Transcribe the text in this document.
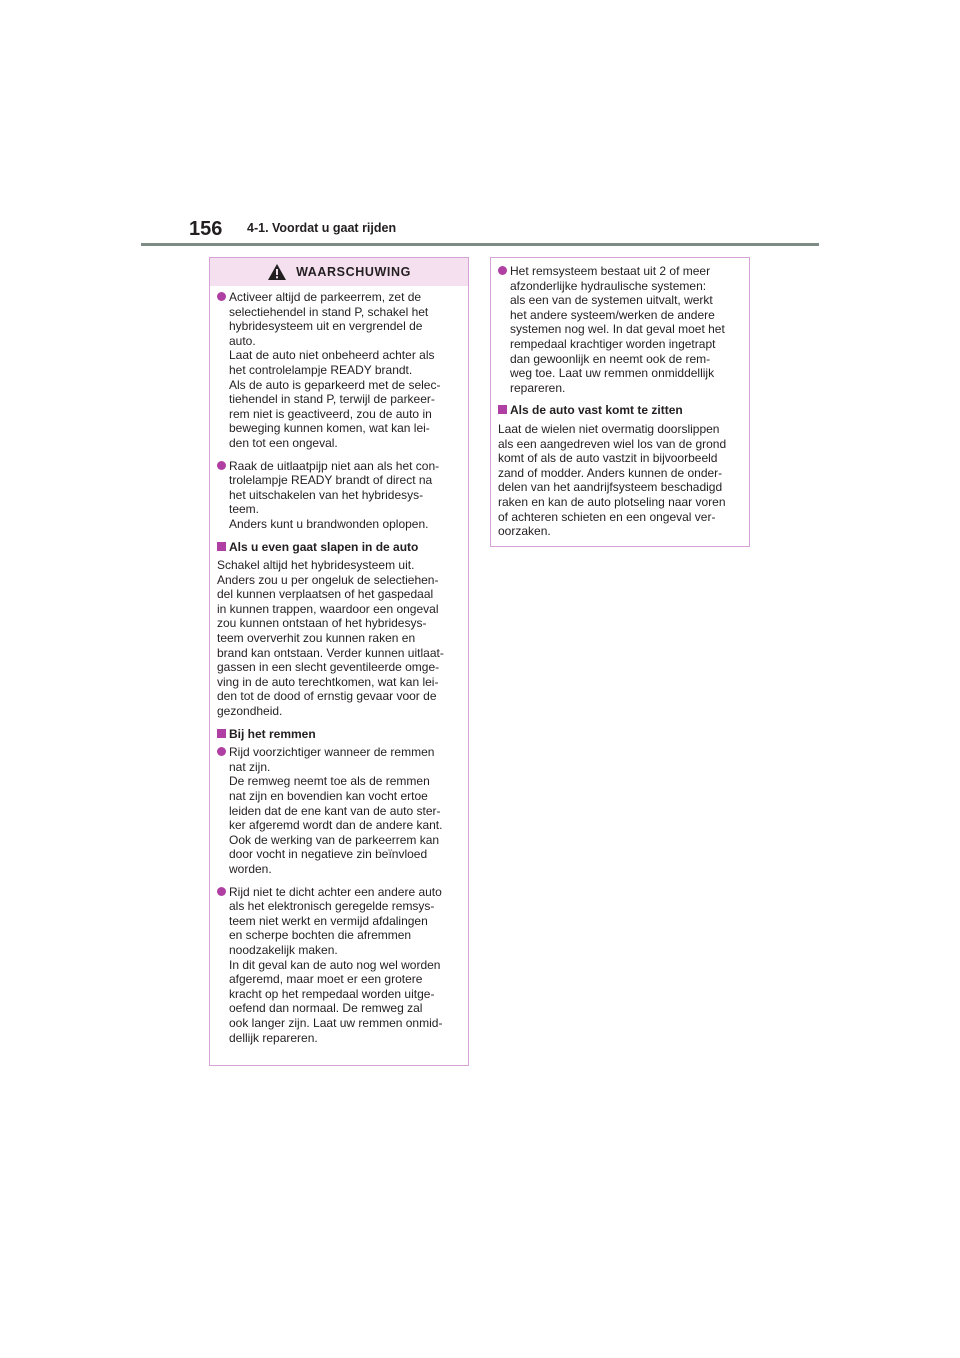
156 4-1. Voordat u gaat rijden
WAARSCHUWING

Activeer altijd de parkeerrem, zet de
selectiehendel in stand P, schakel het
hybridesysteem uit en vergrendel de
auto.
Laat de auto niet onbeheerd achter als
het controlelampje READY brandt.
Als de auto is geparkeerd met de selec-
tiehendel in stand P, terwijl de parkeer-
rem niet is geactiveerd, zou de auto in
beweging kunnen komen, wat kan lei-
den tot een ongeval.

Raak de uitlaatpijp niet aan als het con-
trolelampje READY brandt of direct na
het uitschakelen van het hybridesys-
teem.
Anders kunt u brandwonden oplopen.

Als u even gaat slapen in de auto

Schakel altijd het hybridesysteem uit.
Anders zou u per ongeluk de selectiehen-
del kunnen verplaatsen of het gaspedaal
in kunnen trappen, waardoor een ongeval
zou kunnen ontstaan of het hybridesys-
teem oververhit zou kunnen raken en
brand kan ontstaan. Verder kunnen uitlaat-
gassen in een slecht geventileerde omge-
ving in de auto terechtkomen, wat kan lei-
den tot de dood of ernstig gevaar voor de
gezondheid.

Bij het remmen

Rijd voorzichtiger wanneer de remmen
nat zijn.
De remweg neemt toe als de remmen
nat zijn en bovendien kan vocht ertoe
leiden dat de ene kant van de auto ster-
ker afgeremd wordt dan de andere kant.
Ook de werking van de parkeerrem kan
door vocht in negatieve zin beïnvloed
worden.

Rijd niet te dicht achter een andere auto
als het elektronisch geregelde remsys-
teem niet werkt en vermijd afdalingen
en scherpe bochten die afremmen
noodzakelijk maken.
In dit geval kan de auto nog wel worden
afgeremd, maar moet er een grotere
kracht op het rempedaal worden uitge-
oefend dan normaal. De remweg zal
ook langer zijn. Laat uw remmen onmid-
dellijk repareren.

Het remsysteem bestaat uit 2 of meer
afzonderlijke hydraulische systemen:
als een van de systemen uitvalt, werkt
het andere systeem/werken de andere
systemen nog wel. In dat geval moet het
rempedaal krachtiger worden ingetrapt
dan gewoonlijk en neemt ook de rem-
weg toe. Laat uw remmen onmiddellijk
repareren.

Als de auto vast komt te zitten

Laat de wielen niet overmatig doorslippen
als een aangedreven wiel los van de grond
komt of als de auto vastzit in bijvoorbeeld
zand of modder. Anders kunnen de onder-
delen van het aandrijfsysteem beschadigd
raken en kan de auto plotseling naar voren
of achteren schieten en een ongeval ver-
oorzaken.
